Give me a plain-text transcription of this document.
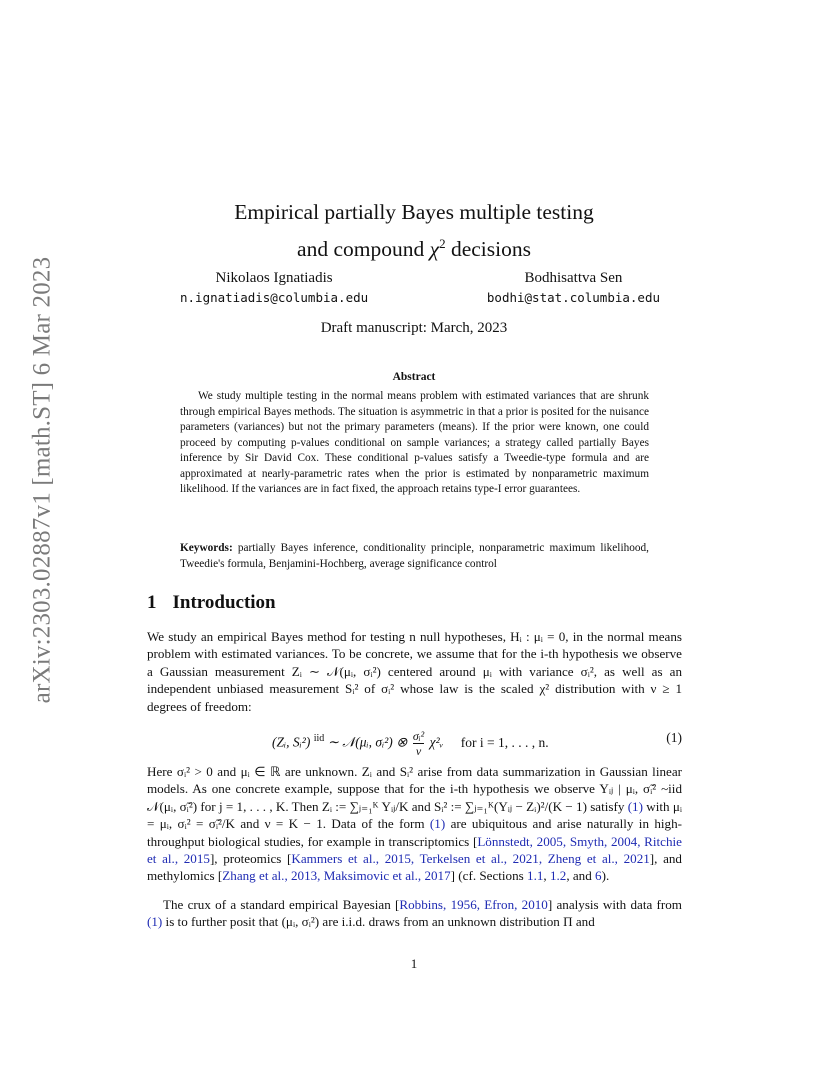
arXiv:2303.02887v1 [math.ST] 6 Mar 2023
Empirical partially Bayes multiple testing
and compound $\chi^2$ decisions
Nikolaos Ignatiadis
n.ignatiadis@columbia.edu
Bodhisattva Sen
bodhi@stat.columbia.edu
Draft manuscript: March, 2023
Abstract
We study multiple testing in the normal means problem with estimated variances that are shrunk through empirical Bayes methods. The situation is asymmetric in that a prior is posited for the nuisance parameters (variances) but not the primary parameters (means). If the prior were known, one could proceed by computing p-values conditional on sample variances; a strategy called partially Bayes inference by Sir David Cox. These conditional p-values satisfy a Tweedie-type formula and are approximated at nearly-parametric rates when the prior is estimated by nonparametric maximum likelihood. If the variances are in fact fixed, the approach retains type-I error guarantees.
Keywords: partially Bayes inference, conditionality principle, nonparametric maximum likelihood, Tweedie's formula, Benjamini-Hochberg, average significance control
1 Introduction
We study an empirical Bayes method for testing n null hypotheses, Hᵢ : μᵢ = 0, in the normal means problem with estimated variances. To be concrete, we assume that for the i-th hypothesis we observe a Gaussian measurement Zᵢ ∼ 𝒩(μᵢ, σᵢ²) centered around μᵢ with variance σᵢ², as well as an independent unbiased measurement Sᵢ² of σᵢ² whose law is the scaled χ² distribution with ν ≥ 1 degrees of freedom:
(Zᵢ, Sᵢ²) $^{iid}$ ∼ 𝒩(μᵢ, σᵢ²) ⊗ $\frac{\text{σᵢ²}}{\nu}$ χ²ᵥ for i = 1, . . . , n.	(1)
Here σᵢ² > 0 and μᵢ ∈ ℝ are unknown. Zᵢ and Sᵢ² arise from data summarization in Gaussian linear models. As one concrete example, suppose that for the i-th hypothesis we observe Yᵢⱼ | μᵢ, σ̃ᵢ² ~iid 𝒩(μᵢ, σ̃ᵢ²) for j = 1, . . . , K. Then Zᵢ := ∑ⱼ₌₁ᴷ Yᵢⱼ/K and Sᵢ² := ∑ⱼ₌₁ᴷ(Yᵢⱼ − Zᵢ)²/(K − 1) satisfy (1) with μᵢ = μᵢ, σᵢ² = σ̃ᵢ²/K and ν = K − 1. Data of the form (1) are ubiquitous and arise naturally in high-throughput biological studies, for example in transcriptomics [Lönnstedt, 2005, Smyth, 2004, Ritchie et al., 2015], proteomics [Kammers et al., 2015, Terkelsen et al., 2021, Zheng et al., 2021], and methylomics [Zhang et al., 2013, Maksimovic et al., 2017] (cf. Sections 1.1, 1.2, and 6).
The crux of a standard empirical Bayesian [Robbins, 1956, Efron, 2010] analysis with data from (1) is to further posit that (μᵢ, σᵢ²) are i.i.d. draws from an unknown distribution Π and
1
